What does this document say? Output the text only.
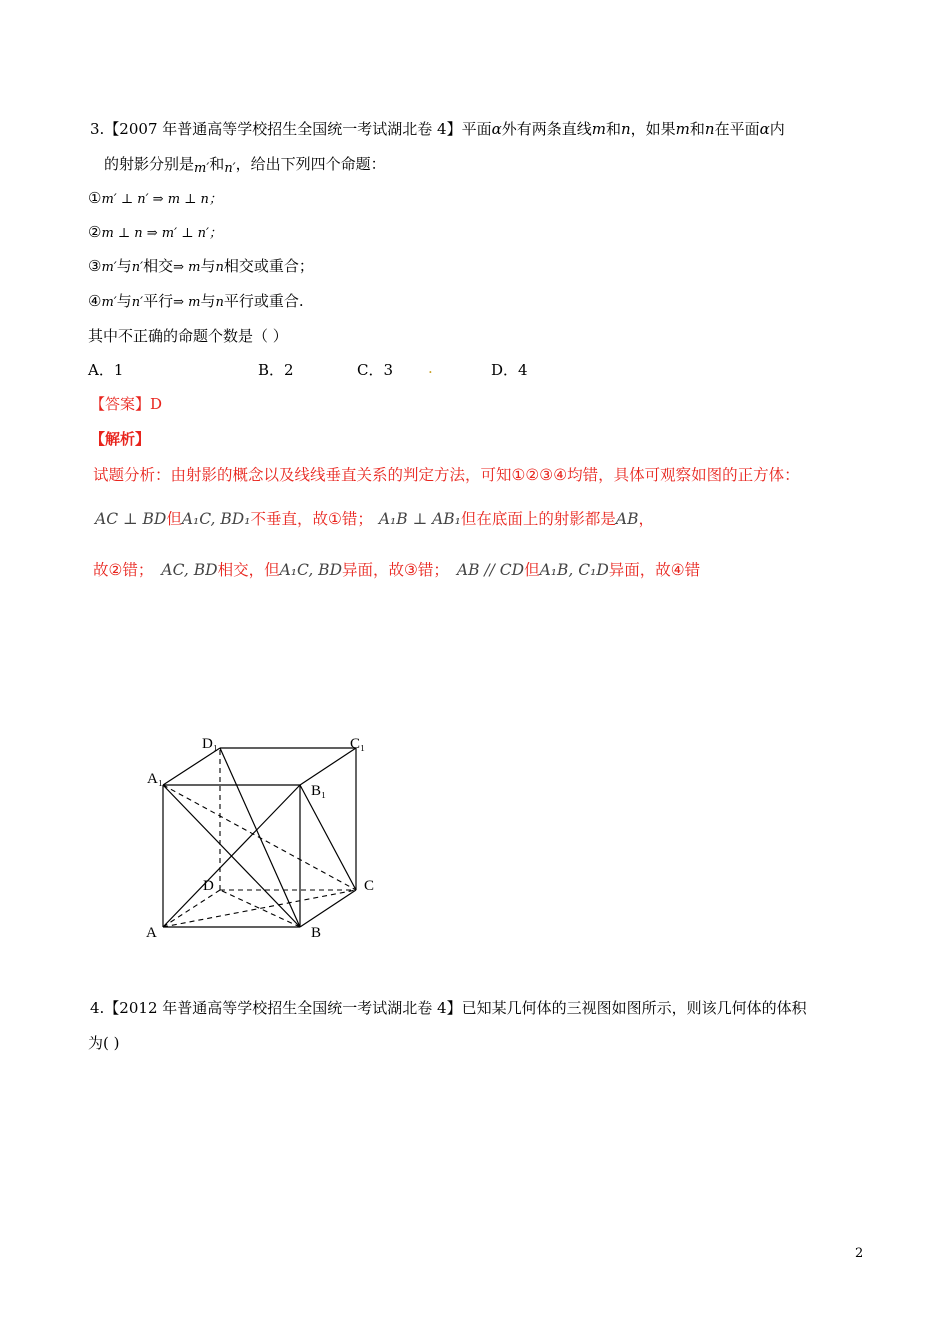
3.【2007 年普通高等学校招生全国统一考试湖北卷 4】平面α外有两条直线m和n，如果m和n在平面α内
的射影分别是m′和n′，给出下列四个命题：
①m′ ⊥ n′ ⇒ m ⊥ n；
②m ⊥ n ⇒ m′ ⊥ n′；
③m′与n′相交⇒ m与n相交或重合；
④m′与n′平行⇒ m与n平行或重合.
其中不正确的命题个数是（ ）
A．1	B．2	C．3 .	D．4
【答案】D
【解析】
试题分析：由射影的概念以及线线垂直关系的判定方法，可知①②③④均错，具体可观察如图的正方体：
AC ⊥ BD但A₁C, BD₁不垂直，故①错； A₁B ⊥ AB₁但在底面上的射影都是AB，
故②错； AC, BD相交，但A₁C, BD异面，故③错； AB // CD但A₁B, C₁D异面，故④错
D₁	C₁
A₁
B₁
D	C
A	B
4.【2012 年普通高等学校招生全国统一考试湖北卷 4】已知某几何体的三视图如图所示，则该几何体的体积
为( )
2
